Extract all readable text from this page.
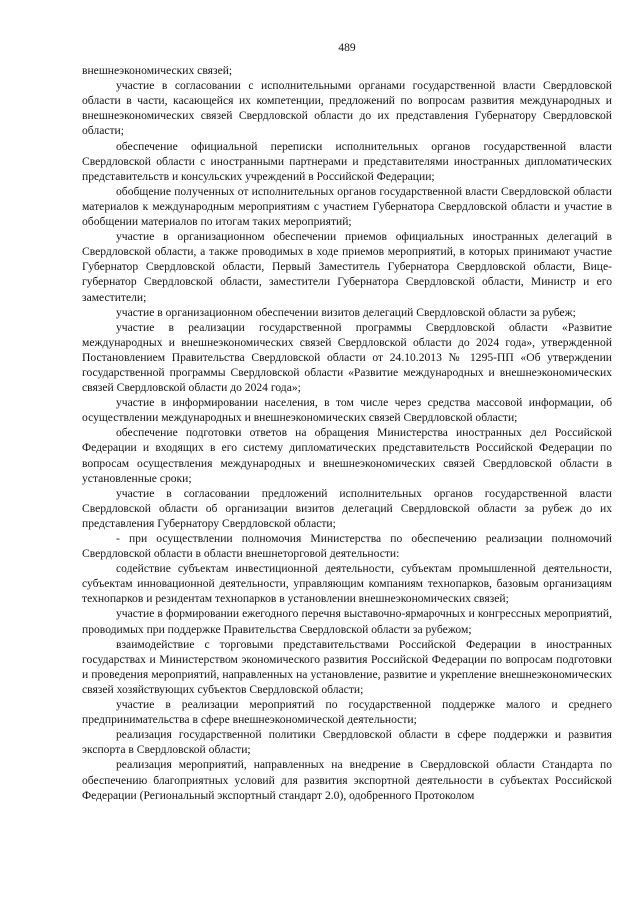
489

внешнеэкономических связей;

участие в согласовании с исполнительными органами государственной власти Свердловской области в части, касающейся их компетенции, предложений по вопросам развития международных и внешнеэкономических связей Свердловской области до их представления Губернатору Свердловской области;

обеспечение официальной переписки исполнительных органов государственной власти Свердловской области с иностранными партнерами и представителями иностранных дипломатических представительств и консульских учреждений в Российской Федерации;

обобщение полученных от исполнительных органов государственной власти Свердловской области материалов к международным мероприятиям с участием Губернатора Свердловской области и участие в обобщении материалов по итогам таких мероприятий;

участие в организационном обеспечении приемов официальных иностранных делегаций в Свердловской области, а также проводимых в ходе приемов мероприятий, в которых принимают участие Губернатор Свердловской области, Первый Заместитель Губернатора Свердловской области, Вице-губернатор Свердловской области, заместители Губернатора Свердловской области, Министр и его заместители;

участие в организационном обеспечении визитов делегаций Свердловской области за рубеж;

участие в реализации государственной программы Свердловской области «Развитие международных и внешнеэкономических связей Свердловской области до 2024 года», утвержденной Постановлением Правительства Свердловской области от 24.10.2013 № 1295-ПП «Об утверждении государственной программы Свердловской области «Развитие международных и внешнеэкономических связей Свердловской области до 2024 года»;

участие в информировании населения, в том числе через средства массовой информации, об осуществлении международных и внешнеэкономических связей Свердловской области;

обеспечение подготовки ответов на обращения Министерства иностранных дел Российской Федерации и входящих в его систему дипломатических представительств Российской Федерации по вопросам осуществления международных и внешнеэкономических связей Свердловской области в установленные сроки;

участие в согласовании предложений исполнительных органов государственной власти Свердловской области об организации визитов делегаций Свердловской области за рубеж до их представления Губернатору Свердловской области;

- при осуществлении полномочия Министерства по обеспечению реализации полномочий Свердловской области в области внешнеторговой деятельности:

содействие субъектам инвестиционной деятельности, субъектам промышленной деятельности, субъектам инновационной деятельности, управляющим компаниям технопарков, базовым организациям технопарков и резидентам технопарков в установлении внешнеэкономических связей;

участие в формировании ежегодного перечня выставочно-ярмарочных и конгрессных мероприятий, проводимых при поддержке Правительства Свердловской области за рубежом;

взаимодействие с торговыми представительствами Российской Федерации в иностранных государствах и Министерством экономического развития Российской Федерации по вопросам подготовки и проведения мероприятий, направленных на установление, развитие и укрепление внешнеэкономических связей хозяйствующих субъектов Свердловской области;

участие в реализации мероприятий по государственной поддержке малого и среднего предпринимательства в сфере внешнеэкономической деятельности;

реализация государственной политики Свердловской области в сфере поддержки и развития экспорта в Свердловской области;

реализация мероприятий, направленных на внедрение в Свердловской области Стандарта по обеспечению благоприятных условий для развития экспортной деятельности в субъектах Российской Федерации (Региональный экспортный стандарт 2.0), одобренного Протоколом
